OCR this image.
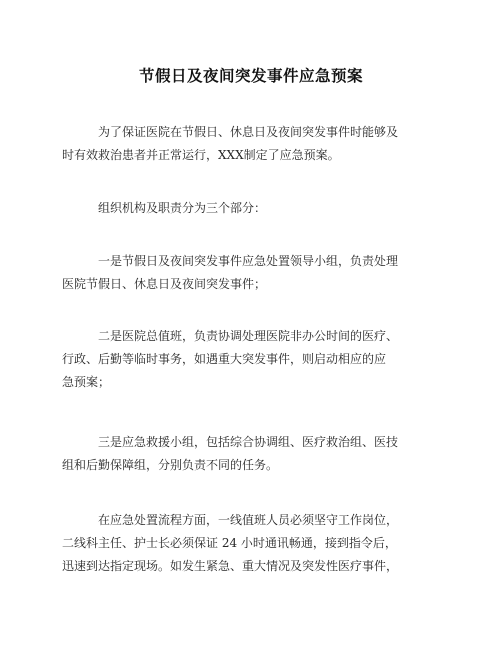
节假日及夜间突发事件应急预案

为了保证医院在节假日、休息日及夜间突发事件时能够及
时有效救治患者并正常运行，XXX制定了应急预案。

组织机构及职责分为三个部分：

一是节假日及夜间突发事件应急处置领导小组，负责处理
医院节假日、休息日及夜间突发事件；

二是医院总值班，负责协调处理医院非办公时间的医疗、
行政、后勤等临时事务，如遇重大突发事件，则启动相应的应
急预案；

三是应急救援小组，包括综合协调组、医疗救治组、医技
组和后勤保障组，分别负责不同的任务。

在应急处置流程方面，一线值班人员必须坚守工作岗位，
二线科主任、护士长必须保证 24 小时通讯畅通，接到指令后，
迅速到达指定现场。如发生紧急、重大情况及突发性医疗事件，
